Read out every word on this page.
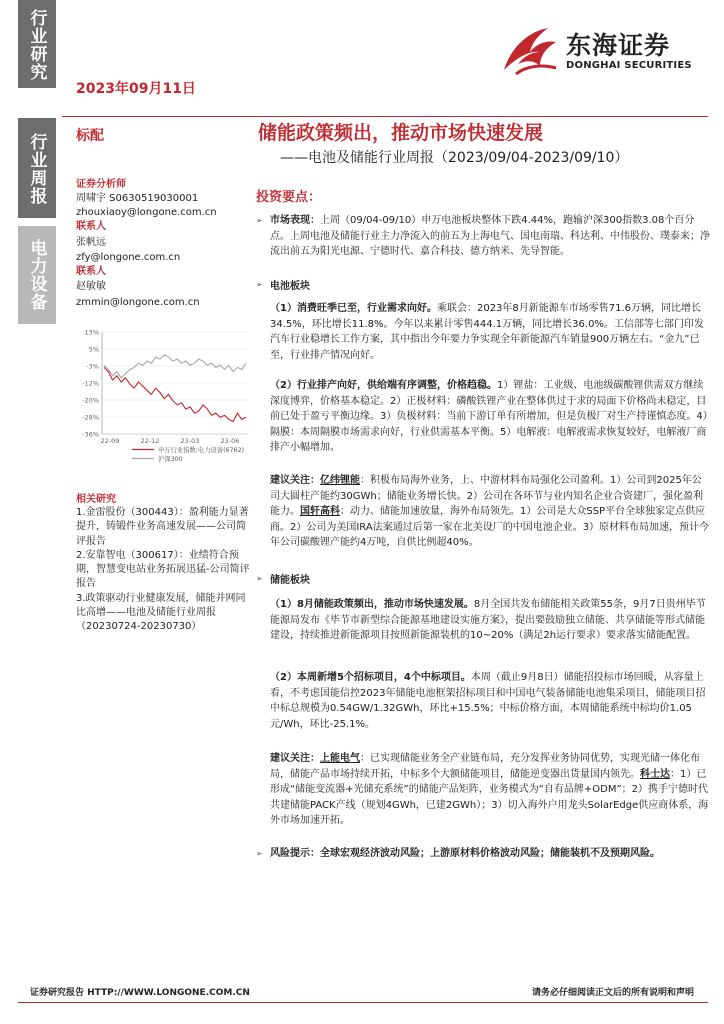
行业研究
行业周报
电力设备
2023年09月11日
东海证券
DONGHAI SECURITIES
标配	储能政策频出，推动市场快速发展
——电池及储能行业周报（2023/09/04-2023/09/10）
证券分析师
周啸宇 S0630519030001
zhouxiaoy@longone.com.cn
联系人
张帆远
zfy@longone.com.cn
联系人
赵敏敏
zmmin@longone.com.cn
13%
5%
-3%
-12%
-20%
-28%
-36%
22-09	22-12	23-03	23-06
申万行业指数:电力设备(6762)
沪深300
相关研究
1.金雷股份（300443）：盈利能力显著提升，铸锻件业务高速发展——公司简评报告
2.安靠智电（300617）：业绩符合预期，智慧变电站业务拓展迅猛-公司简评报告
3.政策驱动行业健康发展，储能并网同比高增——电池及储能行业周报（20230724-20230730）
投资要点：
➢ 市场表现：上周（09/04-09/10）申万电池板块整体下跌4.44%，跑输沪深300指数3.08个百分点。上周电池及储能行业主力净流入的前五为上海电气、国电南瑞、科达利、中伟股份、璞泰来；净流出前五为阳光电源、宁德时代、嘉合科技、德方纳米、先导智能。
➢ 电池板块
（1）消费旺季已至，行业需求向好。乘联会：2023年8月新能源车市场零售71.6万辆，同比增长34.5%，环比增长11.8%。今年以来累计零售444.1万辆，同比增长36.0%。工信部等七部门印发汽车行业稳增长工作方案，其中指出今年要力争实现全年新能源汽车销量900万辆左右。“金九”已至，行业排产情况向好。
（2）行业排产向好，供给端有序调整，价格趋稳。1）锂盐：工业级、电池级碳酸锂供需双方继续深度博弈，价格基本稳定。2）正极材料：磷酸铁锂产业在整体供过于求的局面下价格尚未稳定，目前已处于盈亏平衡边缘。3）负极材料：当前下游订单有所增加，但是负极厂对生产持谨慎态度。4）隔膜：本周隔膜市场需求向好，行业供需基本平衡。5）电解液：电解液需求恢复较好，电解液厂商排产小幅增加。
建议关注：亿纬锂能：积极布局海外业务，上、中游材料布局强化公司盈利。1）公司到2025年公司大圆柱产能约30GWh；储能业务增长快。2）公司在各环节与业内知名企业合资建厂，强化盈利能力。国轩高科：动力、储能加速放量，海外布局领先。1）公司是大众SSP平台全球独家定点供应商。2）公司为美国IRA法案通过后第一家在北美设厂的中国电池企业。3）原材料布局加速，预计今年公司碳酸锂产能约4万吨，自供比例超40%。
➢ 储能板块
（1）8月储能政策频出，推动市场快速发展。8月全国共发布储能相关政策55条，9月7日贵州毕节能源局发布《毕节市新型综合能源基地建设实施方案》，提出要鼓励独立储能、共享储能等形式储能建设，持续推进新能源项目按照新能源装机的10~20%（满足2h运行要求）要求落实储能配置。
（2）本周新增5个招标项目，4个中标项目。本周（截止9月8日）储能招投标市场回暖，从容量上看，不考虑国能信控2023年储能电池框架招标项目和中国电气装备储能电池集采项目，储能项目招中标总规模为0.54GW/1.32GWh，环比+15.5%；中标价格方面，本周储能系统中标均价1.05元/Wh，环比-25.1%。
建议关注：上能电气：已实现储能业务全产业链布局，充分发挥业务协同优势，实现光储一体化布局，储能产品市场持续开拓，中标多个大额储能项目，储能逆变器出货量国内领先。科士达：1）已形成“储能变流器+光储充系统”的储能产品矩阵，业务模式为“自有品牌+ODM”；2）携手宁德时代共建储能PACK产线（规划4GWh，已建2GWh）；3）切入海外户用龙头SolarEdge供应商体系，海外市场加速开拓。
➢ 风险提示：全球宏观经济波动风险；上游原材料价格波动风险；储能装机不及预期风险。
证券研究报告 HTTP://WWW.LONGONE.COM.CN	请务必仔细阅读正文后的所有说明和声明
